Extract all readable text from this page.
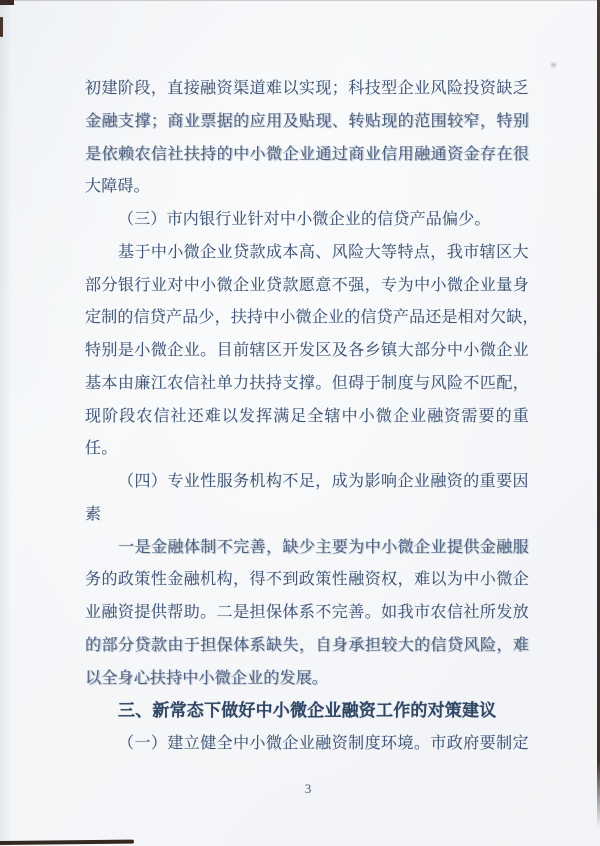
初 建 阶 段 ， 直 接 融 资 渠 道 难 以 实 现 ； 科 技 型 企 业 风 险 投 资 缺 乏
金 融 支 撑 ； 商 业 票 据 的 应 用 及 贴 现 、 转 贴 现 的 范 围 较 窄 ， 特 别
是 依 赖 农 信 社 扶 持 的 中 小 微 企 业 通 过 商 业 信 用 融 通 资 金 存 在 很
大障碍。
（三）市内银行业针对中小微企业的信贷产品偏少。
基 于 中 小 微 企 业 贷 款 成 本 高 、 风 险 大 等 特 点 ， 我 市 辖 区 大
部 分 银 行 业 对 中 小 微 企 业 贷 款 愿 意 不 强 ， 专 为 中 小 微 企 业 量 身
定 制 的 信 贷 产 品 少 ， 扶 持 中 小 微 企 业 的 信 贷 产 品 还 是 相 对 欠 缺 ，
特 别 是 小 微 企 业 。 目 前 辖 区 开 发 区 及 各 乡 镇 大 部 分 中 小 微 企 业
基 本 由 廉 江 农 信 社 单 力 扶 持 支 撑 。 但 碍 于 制 度 与 风 险 不 匹 配 ，
现 阶 段 农 信 社 还 难 以 发 挥 满 足 全 辖 中 小 微 企 业 融 资 需 要 的 重
任。
（ 四 ） 专 业 性 服 务 机 构 不 足 ， 成 为 影 响 企 业 融 资 的 重 要 因
素
一 是 金 融 体 制 不 完 善 ， 缺 少 主 要 为 中 小 微 企 业 提 供 金 融 服
务 的 政 策 性 金 融 机 构 ， 得 不 到 政 策 性 融 资 权 ， 难 以 为 中 小 微 企
业 融 资 提 供 帮 助 。 二 是 担 保 体 系 不 完 善 。 如 我 市 农 信 社 所 发 放
的 部 分 贷 款 由 于 担 保 体 系 缺 失 ， 自 身 承 担 较 大 的 信 贷 风 险 ， 难
以全身心扶持中小微企业的发展。
三、新常态下做好中小微企业融资工作的对策建议
（ 一 ） 建 立 健 全 中 小 微 企 业 融 资 制 度 环 境 。 市 政 府 要 制 定
3
